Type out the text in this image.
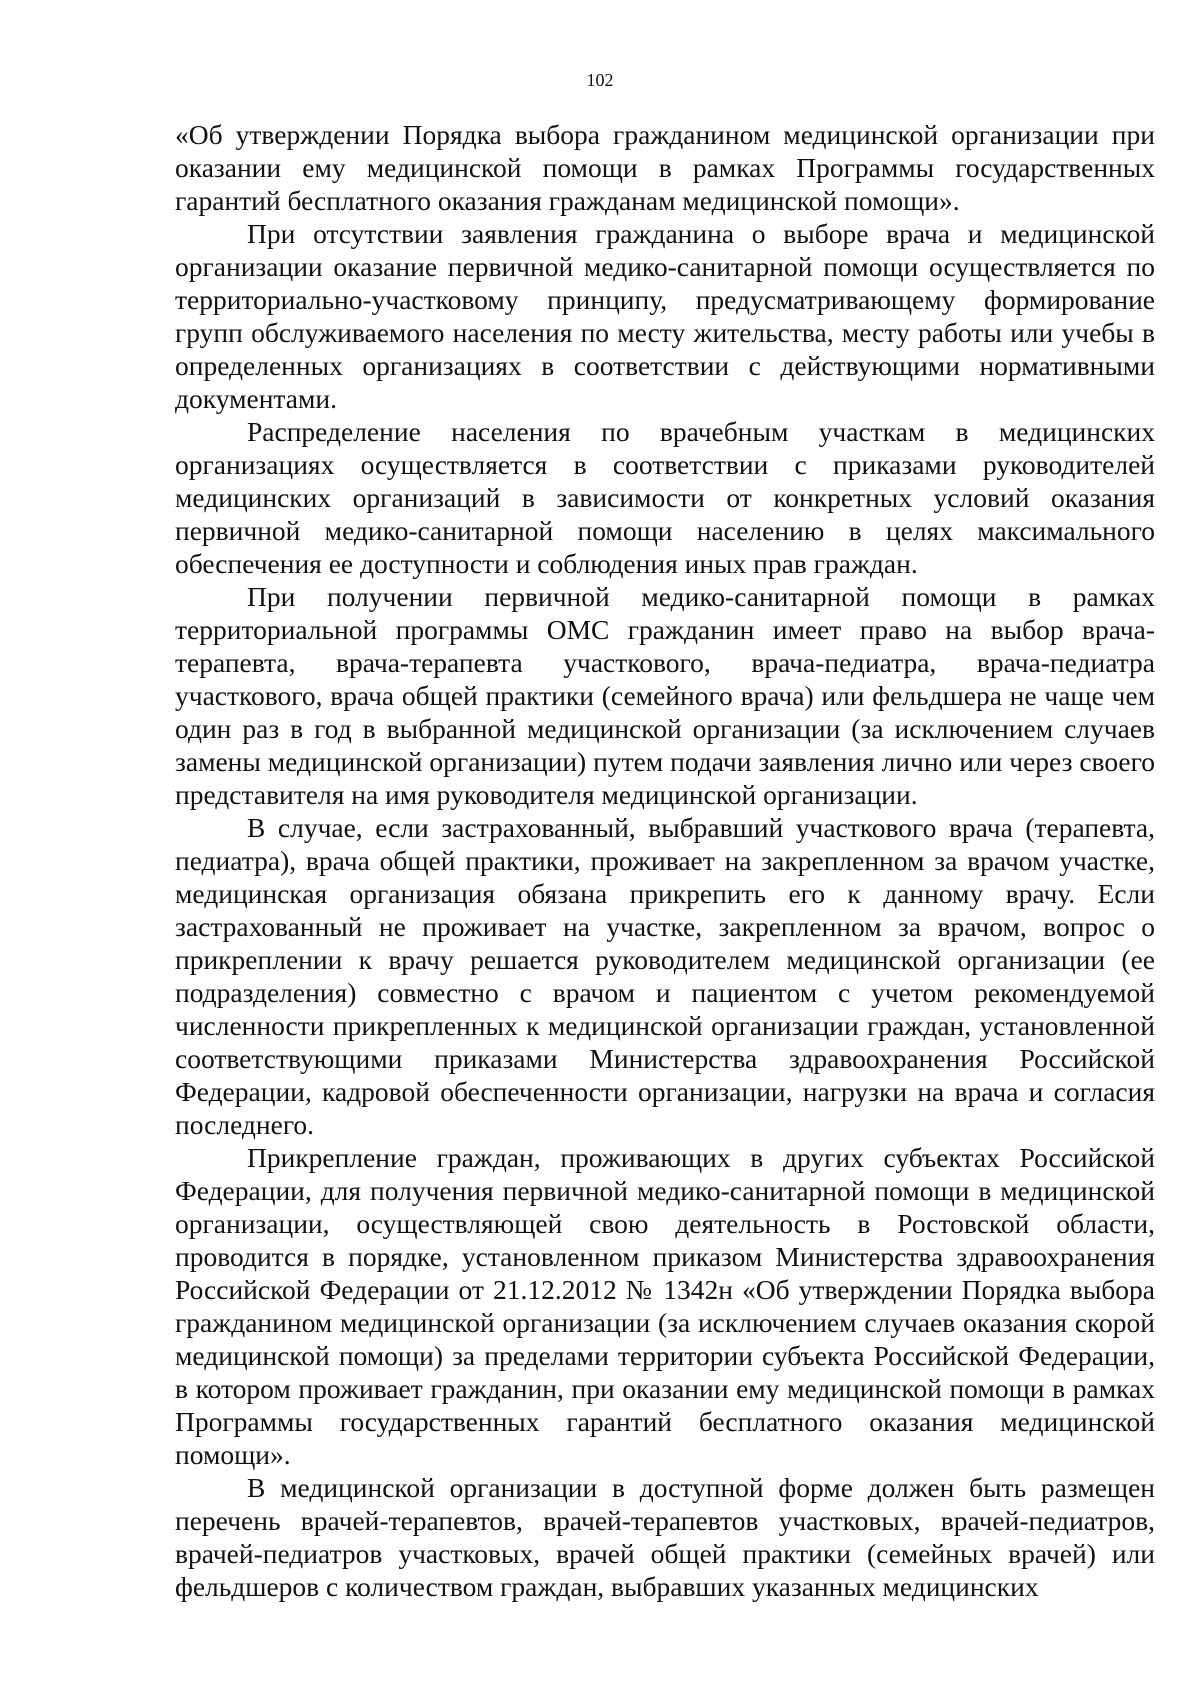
102

«Об утверждении Порядка выбора гражданином медицинской организации при оказании ему медицинской помощи в рамках Программы государственных гарантий бесплатного оказания гражданам медицинской помощи».

При отсутствии заявления гражданина о выборе врача и медицинской организации оказание первичной медико-санитарной помощи осуществляется по территориально-участковому принципу, предусматривающему формирование групп обслуживаемого населения по месту жительства, месту работы или учебы в определенных организациях в соответствии с действующими нормативными документами.

Распределение населения по врачебным участкам в медицинских организациях осуществляется в соответствии с приказами руководителей медицинских организаций в зависимости от конкретных условий оказания первичной медико-санитарной помощи населению в целях максимального обеспечения ее доступности и соблюдения иных прав граждан.

При получении первичной медико-санитарной помощи в рамках территориальной программы ОМС гражданин имеет право на выбор врача-терапевта, врача-терапевта участкового, врача-педиатра, врача-педиатра участкового, врача общей практики (семейного врача) или фельдшера не чаще чем один раз в год в выбранной медицинской организации (за исключением случаев замены медицинской организации) путем подачи заявления лично или через своего представителя на имя руководителя медицинской организации.

В случае, если застрахованный, выбравший участкового врача (терапевта, педиатра), врача общей практики, проживает на закрепленном за врачом участке, медицинская организация обязана прикрепить его к данному врачу. Если застрахованный не проживает на участке, закрепленном за врачом, вопрос о прикреплении к врачу решается руководителем медицинской организации (ее подразделения) совместно с врачом и пациентом с учетом рекомендуемой численности прикрепленных к медицинской организации граждан, установленной соответствующими приказами Министерства здравоохранения Российской Федерации, кадровой обеспеченности организации, нагрузки на врача и согласия последнего.

Прикрепление граждан, проживающих в других субъектах Российской Федерации, для получения первичной медико-санитарной помощи в медицинской организации, осуществляющей свою деятельность в Ростовской области, проводится в порядке, установленном приказом Министерства здравоохранения Российской Федерации от 21.12.2012 № 1342н «Об утверждении Порядка выбора гражданином медицинской организации (за исключением случаев оказания скорой медицинской помощи) за пределами территории субъекта Российской Федерации, в котором проживает гражданин, при оказании ему медицинской помощи в рамках Программы государственных гарантий бесплатного оказания медицинской помощи».

В медицинской организации в доступной форме должен быть размещен перечень врачей-терапевтов, врачей-терапевтов участковых, врачей-педиатров, врачей-педиатров участковых, врачей общей практики (семейных врачей) или фельдшеров с количеством граждан, выбравших указанных медицинских
